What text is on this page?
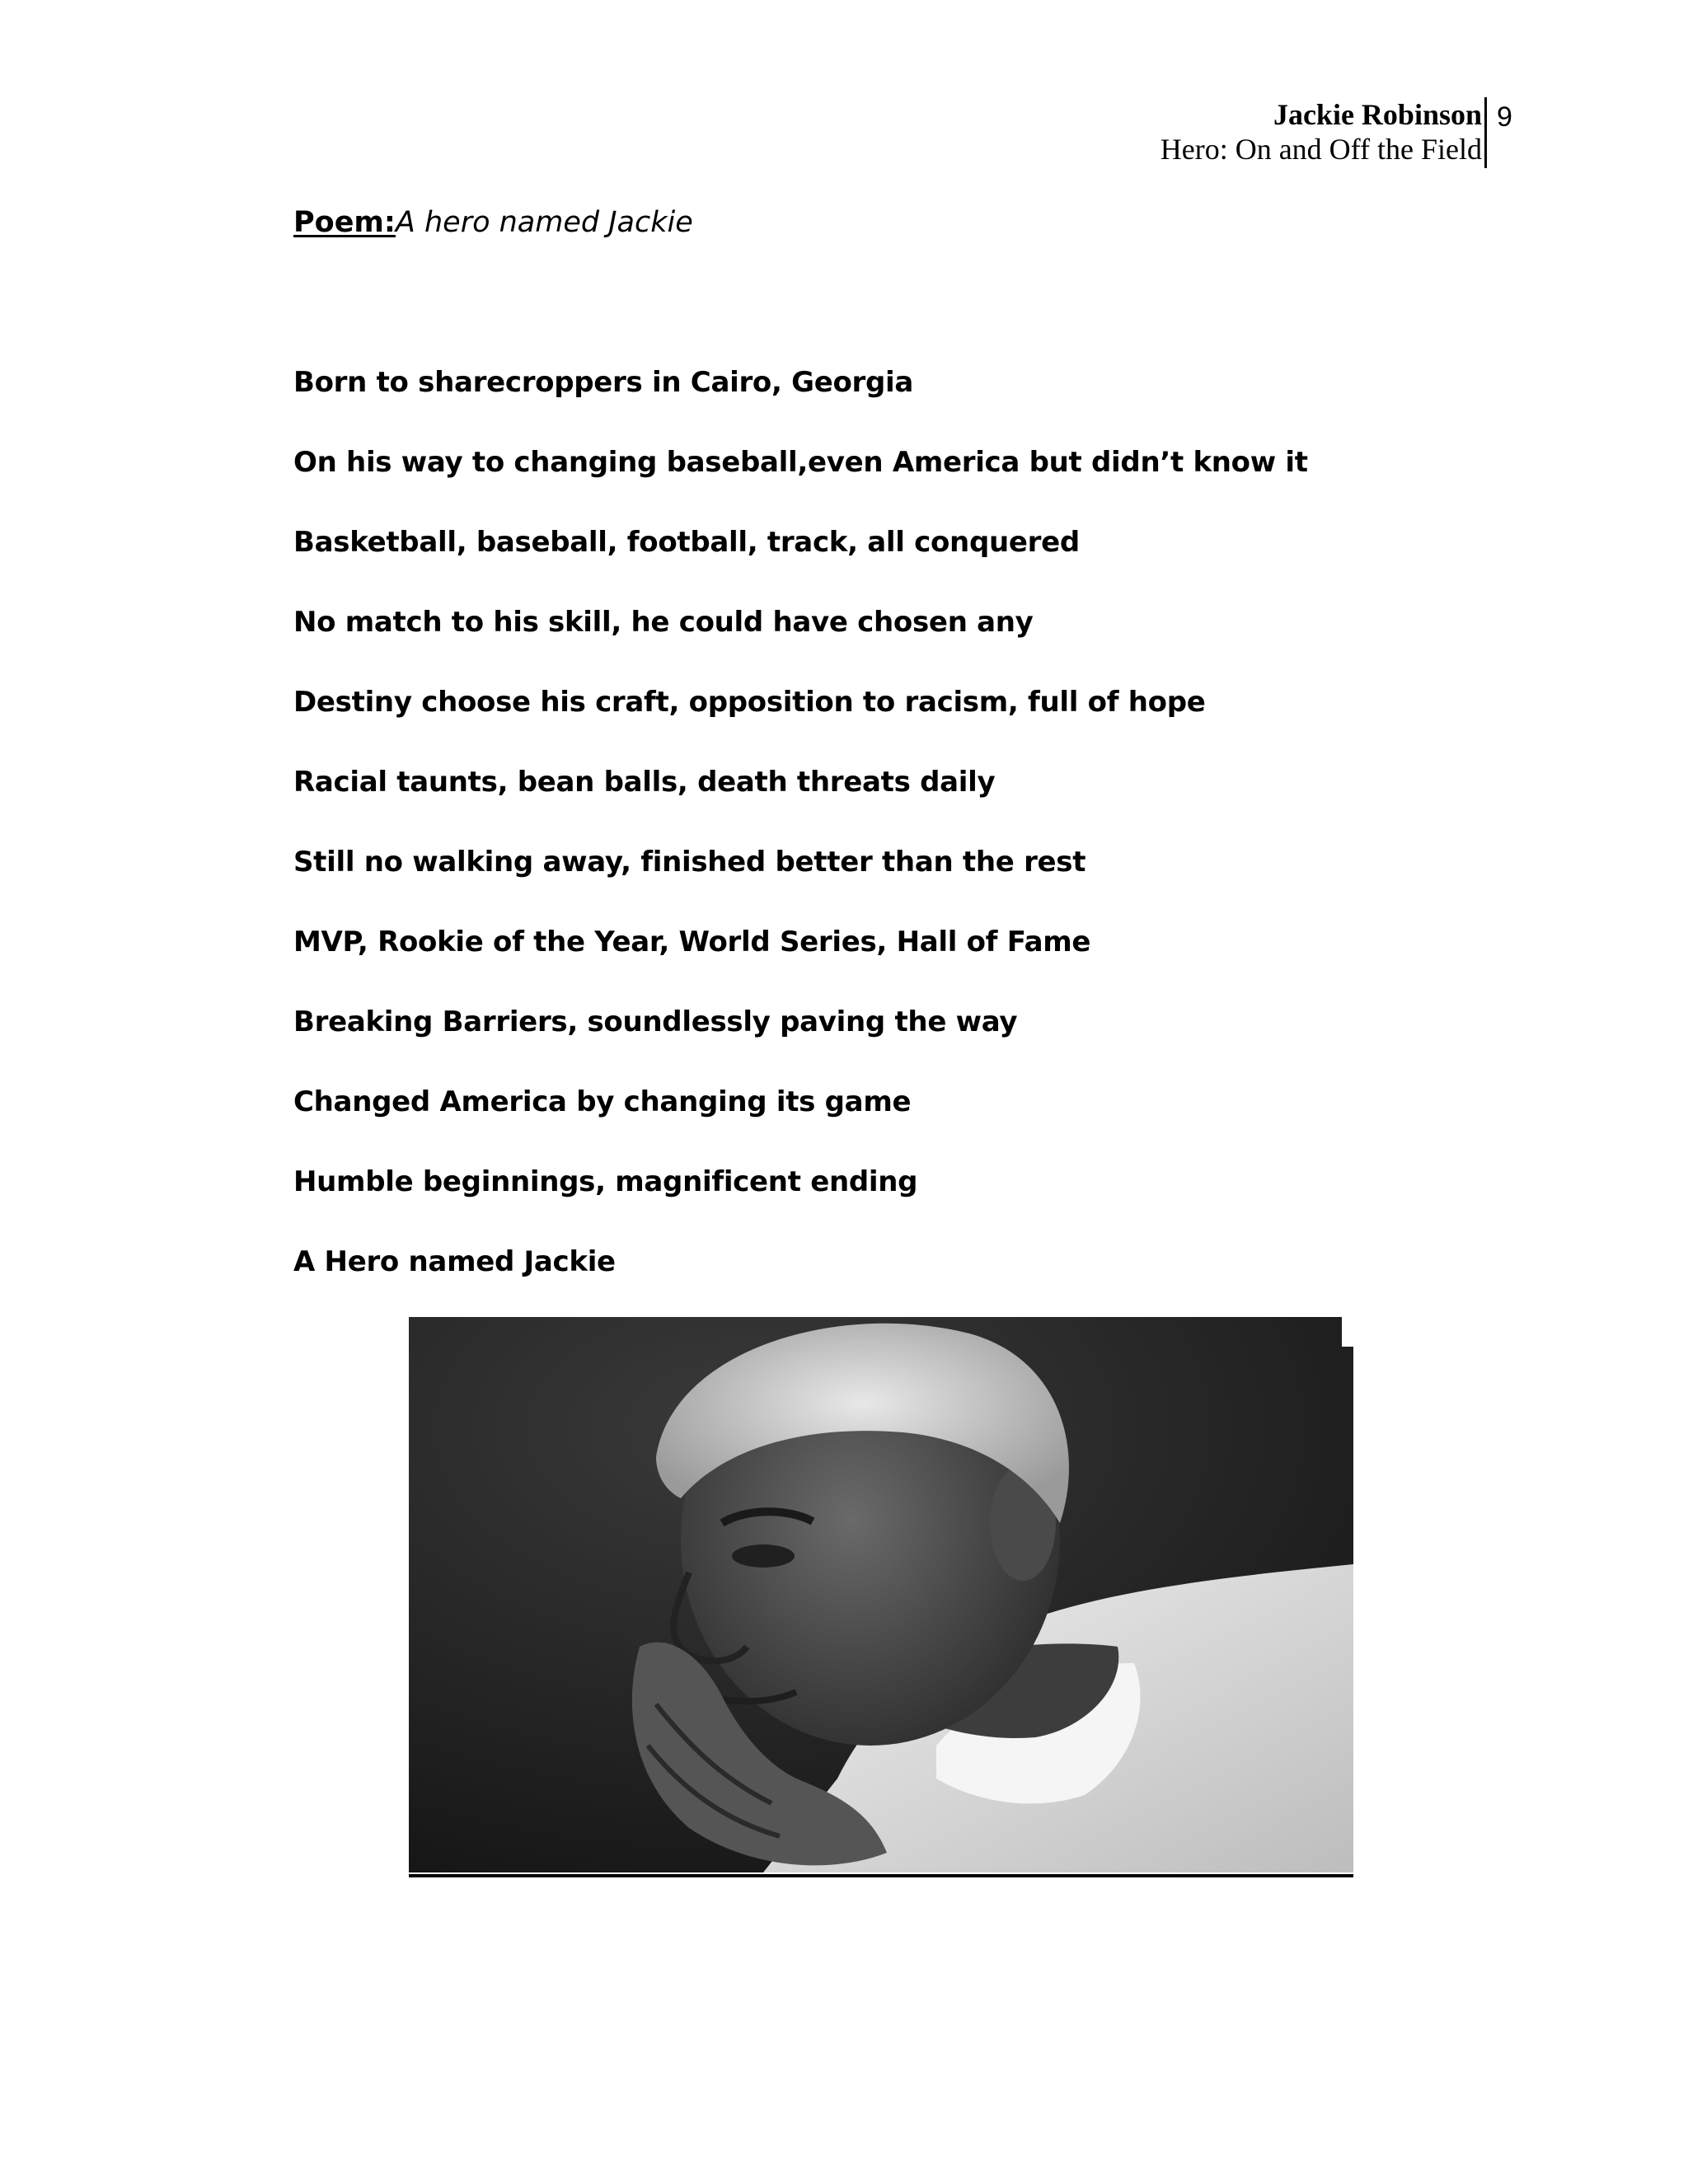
Jackie Robinson
Hero: On and Off the Field
9
Poem:A hero named Jackie
Born to sharecroppers in Cairo, Georgia
On his way to changing baseball,even America but didn’t know it
Basketball, baseball, football, track, all conquered
No match to his skill, he could have chosen any
Destiny choose his craft, opposition to racism, full of hope
Racial taunts, bean balls, death threats daily
Still no walking away, finished better than the rest
MVP, Rookie of the Year, World Series, Hall of Fame
Breaking Barriers, soundlessly paving the way
Changed America by changing its game
Humble beginnings, magnificent ending
A Hero named Jackie
